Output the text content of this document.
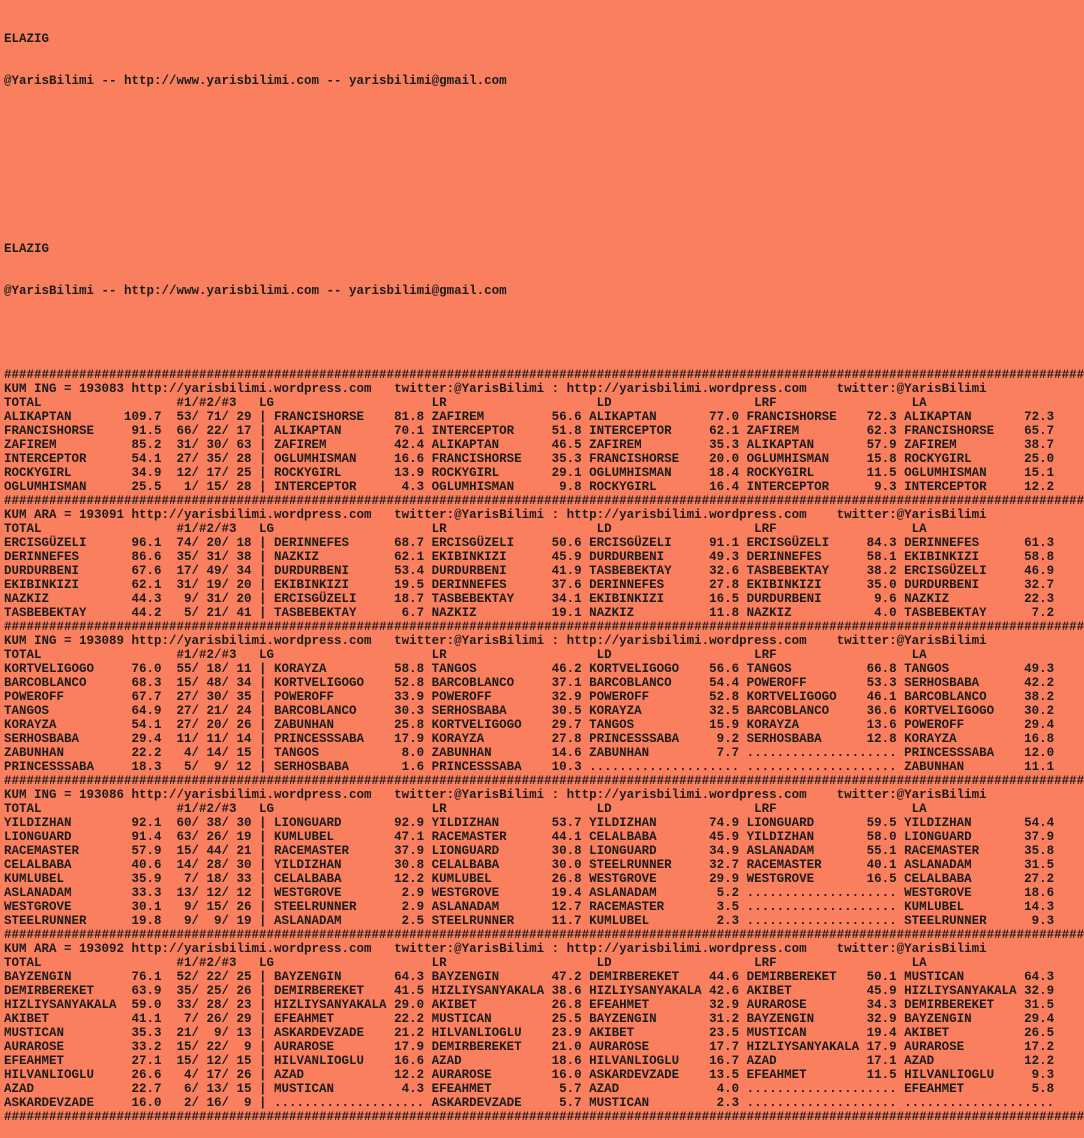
ELAZIG

@YarisBilimi -- http://www.yarisbilimi.com -- yarisbilimi@gmail.com

ELAZIG

@YarisBilimi -- http://www.yarisbilimi.com -- yarisbilimi@gmail.com

################################################################################################################################################
KUM ING = 193083 http://yarisbilimi.wordpress.com   twitter:@YarisBilimi : http://yarisbilimi.wordpress.com    twitter:@YarisBilimi
TOTAL                  #1/#2/#3   LG                     LR                    LD                   LRF                  LA
ALIKAPTAN       109.7  53/ 71/ 29 | FRANCISHORSE    81.8 ZAFIREM         56.6 ALIKAPTAN       77.0 FRANCISHORSE    72.3 ALIKAPTAN       72.3
FRANCISHORSE     91.5  66/ 22/ 17 | ALIKAPTAN       70.1 INTERCEPTOR     51.8 INTERCEPTOR     62.1 ZAFIREM         62.3 FRANCISHORSE    65.7
ZAFIREM          85.2  31/ 30/ 63 | ZAFIREM         42.4 ALIKAPTAN       46.5 ZAFIREM         35.3 ALIKAPTAN       57.9 ZAFIREM         38.7
INTERCEPTOR      54.1  27/ 35/ 28 | OGLUMHISMAN     16.6 FRANCISHORSE    35.3 FRANCISHORSE    20.0 OGLUMHISMAN     15.8 ROCKYGIRL       25.0
ROCKYGIRL        34.9  12/ 17/ 25 | ROCKYGIRL       13.9 ROCKYGIRL       29.1 OGLUMHISMAN     18.4 ROCKYGIRL       11.5 OGLUMHISMAN     15.1
OGLUMHISMAN      25.5   1/ 15/ 28 | INTERCEPTOR      4.3 OGLUMHISMAN      9.8 ROCKYGIRL       16.4 INTERCEPTOR      9.3 INTERCEPTOR     12.2
################################################################################################################################################
KUM ARA = 193091 http://yarisbilimi.wordpress.com   twitter:@YarisBilimi : http://yarisbilimi.wordpress.com    twitter:@YarisBilimi
TOTAL                  #1/#2/#3   LG                     LR                    LD                   LRF                  LA
ERCISGÜZELI      96.1  74/ 20/ 18 | DERINNEFES      68.7 ERCISGÜZELI     50.6 ERCISGÜZELI     91.1 ERCISGÜZELI     84.3 DERINNEFES      61.3
DERINNEFES       86.6  35/ 31/ 38 | NAZKIZ          62.1 EKIBINKIZI      45.9 DURDURBENI      49.3 DERINNEFES      58.1 EKIBINKIZI      58.8
DURDURBENI       67.6  17/ 49/ 34 | DURDURBENI      53.4 DURDURBENI      41.9 TASBEBEKTAY     32.6 TASBEBEKTAY     38.2 ERCISGÜZELI     46.9
EKIBINKIZI       62.1  31/ 19/ 20 | EKIBINKIZI      19.5 DERINNEFES      37.6 DERINNEFES      27.8 EKIBINKIZI      35.0 DURDURBENI      32.7
NAZKIZ           44.3   9/ 31/ 20 | ERCISGÜZELI     18.7 TASBEBEKTAY     34.1 EKIBINKIZI      16.5 DURDURBENI       9.6 NAZKIZ          22.3
TASBEBEKTAY      44.2   5/ 21/ 41 | TASBEBEKTAY      6.7 NAZKIZ          19.1 NAZKIZ          11.8 NAZKIZ           4.0 TASBEBEKTAY      7.2
################################################################################################################################################
KUM ING = 193089 http://yarisbilimi.wordpress.com   twitter:@YarisBilimi : http://yarisbilimi.wordpress.com    twitter:@YarisBilimi
TOTAL                  #1/#2/#3   LG                     LR                    LD                   LRF                  LA
KORTVELIGOGO     76.0  55/ 18/ 11 | KORAYZA         58.8 TANGOS          46.2 KORTVELIGOGO    56.6 TANGOS          66.8 TANGOS          49.3
BARCOBLANCO      68.3  15/ 48/ 34 | KORTVELIGOGO    52.8 BARCOBLANCO     37.1 BARCOBLANCO     54.4 POWEROFF        53.3 SERHOSBABA      42.2
POWEROFF         67.7  27/ 30/ 35 | POWEROFF        33.9 POWEROFF        32.9 POWEROFF        52.8 KORTVELIGOGO    46.1 BARCOBLANCO     38.2
TANGOS           64.9  27/ 21/ 24 | BARCOBLANCO     30.3 SERHOSBABA      30.5 KORAYZA         32.5 BARCOBLANCO     36.6 KORTVELIGOGO    30.2
KORAYZA          54.1  27/ 20/ 26 | ZABUNHAN        25.8 KORTVELIGOGO    29.7 TANGOS          15.9 KORAYZA         13.6 POWEROFF        29.4
SERHOSBABA       29.4  11/ 11/ 14 | PRINCESSSABA    17.9 KORAYZA         27.8 PRINCESSSABA     9.2 SERHOSBABA      12.8 KORAYZA         16.8
ZABUNHAN         22.2   4/ 14/ 15 | TANGOS           8.0 ZABUNHAN        14.6 ZABUNHAN         7.7 .................... PRINCESSSABA    12.0
PRINCESSSABA     18.3   5/  9/ 12 | SERHOSBABA       1.6 PRINCESSSABA    10.3 .................... .................... ZABUNHAN        11.1
################################################################################################################################################
KUM ING = 193086 http://yarisbilimi.wordpress.com   twitter:@YarisBilimi : http://yarisbilimi.wordpress.com    twitter:@YarisBilimi
TOTAL                  #1/#2/#3   LG                     LR                    LD                   LRF                  LA
YILDIZHAN        92.1  60/ 38/ 30 | LIONGUARD       92.9 YILDIZHAN       53.7 YILDIZHAN       74.9 LIONGUARD       59.5 YILDIZHAN       54.4
LIONGUARD        91.4  63/ 26/ 19 | KUMLUBEL        47.1 RACEMASTER      44.1 CELALBABA       45.9 YILDIZHAN       58.0 LIONGUARD       37.9
RACEMASTER       57.9  15/ 44/ 21 | RACEMASTER      37.9 LIONGUARD       30.8 LIONGUARD       34.9 ASLANADAM       55.1 RACEMASTER      35.8
CELALBABA        40.6  14/ 28/ 30 | YILDIZHAN       30.8 CELALBABA       30.0 STEELRUNNER     32.7 RACEMASTER      40.1 ASLANADAM       31.5
KUMLUBEL         35.9   7/ 18/ 33 | CELALBABA       12.2 KUMLUBEL        26.8 WESTGROVE       29.9 WESTGROVE       16.5 CELALBABA       27.2
ASLANADAM        33.3  13/ 12/ 12 | WESTGROVE        2.9 WESTGROVE       19.4 ASLANADAM        5.2 .................... WESTGROVE       18.6
WESTGROVE        30.1   9/ 15/ 26 | STEELRUNNER      2.9 ASLANADAM       12.7 RACEMASTER       3.5 .................... KUMLUBEL        14.3
STEELRUNNER      19.8   9/  9/ 19 | ASLANADAM        2.5 STEELRUNNER     11.7 KUMLUBEL         2.3 .................... STEELRUNNER      9.3
################################################################################################################################################
KUM ARA = 193092 http://yarisbilimi.wordpress.com   twitter:@YarisBilimi : http://yarisbilimi.wordpress.com    twitter:@YarisBilimi
TOTAL                  #1/#2/#3   LG                     LR                    LD                   LRF                  LA
BAYZENGIN        76.1  52/ 22/ 25 | BAYZENGIN       64.3 BAYZENGIN       47.2 DEMIRBEREKET    44.6 DEMIRBEREKET    50.1 MUSTICAN        64.3
DEMIRBEREKET     63.9  35/ 25/ 26 | DEMIRBEREKET    41.5 HIZLIYSANYAKALA 38.6 HIZLIYSANYAKALA 42.6 AKIBET          45.9 HIZLIYSANYAKALA 32.9
HIZLIYSANYAKALA  59.0  33/ 28/ 23 | HIZLIYSANYAKALA 29.0 AKIBET          26.8 EFEAHMET        32.9 AURAROSE        34.3 DEMIRBEREKET    31.5
AKIBET           41.1   7/ 26/ 29 | EFEAHMET        22.2 MUSTICAN        25.5 BAYZENGIN       31.2 BAYZENGIN       32.9 BAYZENGIN       29.4
MUSTICAN         35.3  21/  9/ 13 | ASKARDEVZADE    21.2 HILVANLIOGLU    23.9 AKIBET          23.5 MUSTICAN        19.4 AKIBET          26.5
AURAROSE         33.2  15/ 22/  9 | AURAROSE        17.9 DEMIRBEREKET    21.0 AURAROSE        17.7 HIZLIYSANYAKALA 17.9 AURAROSE        17.2
EFEAHMET         27.1  15/ 12/ 15 | HILVANLIOGLU    16.6 AZAD            18.6 HILVANLIOGLU    16.7 AZAD            17.1 AZAD            12.2
HILVANLIOGLU     26.6   4/ 17/ 26 | AZAD            12.2 AURAROSE        16.0 ASKARDEVZADE    13.5 EFEAHMET        11.5 HILVANLIOGLU     9.3
AZAD             22.7   6/ 13/ 15 | MUSTICAN         4.3 EFEAHMET         5.7 AZAD             4.0 .................... EFEAHMET         5.8
ASKARDEVZADE     16.0   2/ 16/  9 | .................... ASKARDEVZADE     5.7 MUSTICAN         2.3 .................... ....................
################################################################################################################################################
